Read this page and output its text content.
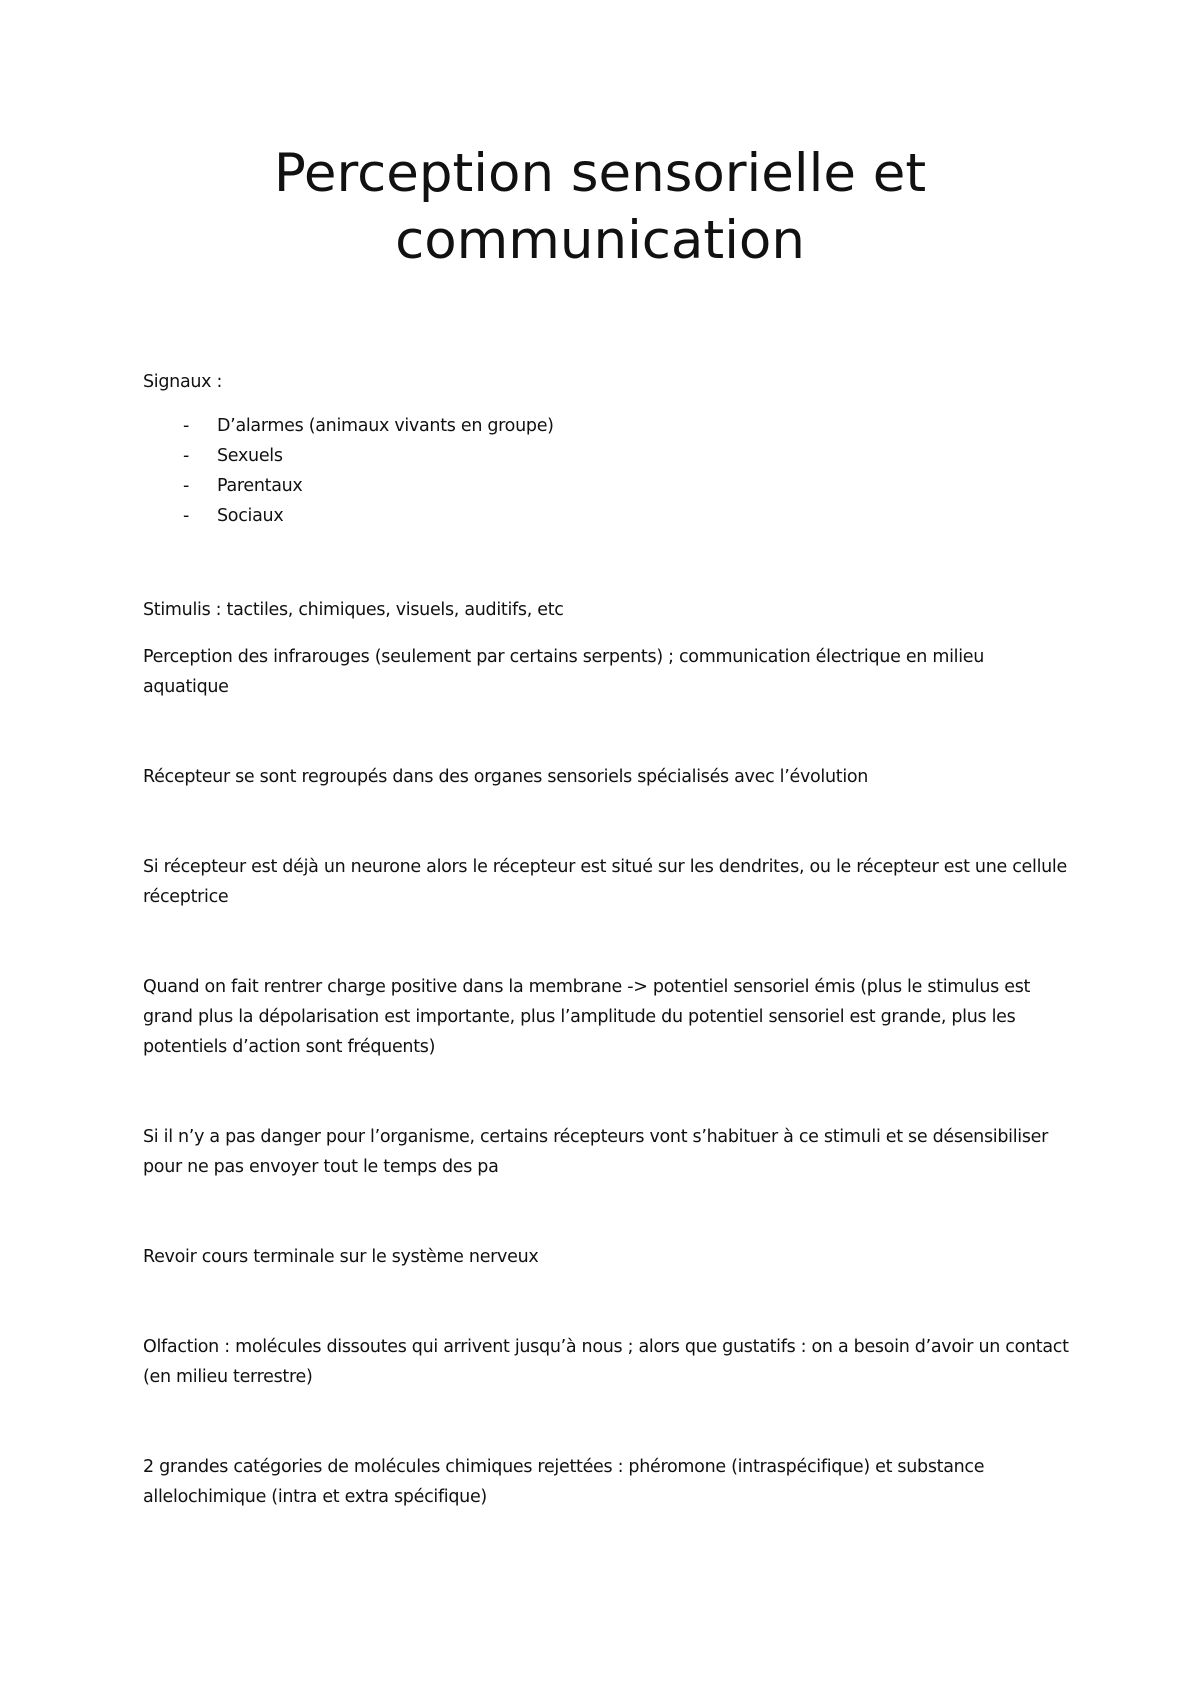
Perception sensorielle et
communication

Signaux :

- D’alarmes (animaux vivants en groupe)
- Sexuels
- Parentaux
- Sociaux

Stimulis : tactiles, chimiques, visuels, auditifs, etc

Perception des infrarouges (seulement par certains serpents) ; communication électrique en milieu aquatique

Récepteur se sont regroupés dans des organes sensoriels spécialisés avec l’évolution

Si récepteur est déjà un neurone alors le récepteur est situé sur les dendrites, ou le récepteur est une cellule réceptrice

Quand on fait rentrer charge positive dans la membrane -> potentiel sensoriel émis (plus le stimulus est grand plus la dépolarisation est importante, plus l’amplitude du potentiel sensoriel est grande, plus les potentiels d’action sont fréquents)

Si il n’y a pas danger pour l’organisme, certains récepteurs vont s’habituer à ce stimuli et se désensibiliser pour ne pas envoyer tout le temps des pa

Revoir cours terminale sur le système nerveux

Olfaction : molécules dissoutes qui arrivent jusqu’à nous ; alors que gustatifs : on a besoin d’avoir un contact (en milieu terrestre)

2 grandes catégories de molécules chimiques rejettées : phéromone (intraspécifique) et substance allelochimique (intra et extra spécifique)
